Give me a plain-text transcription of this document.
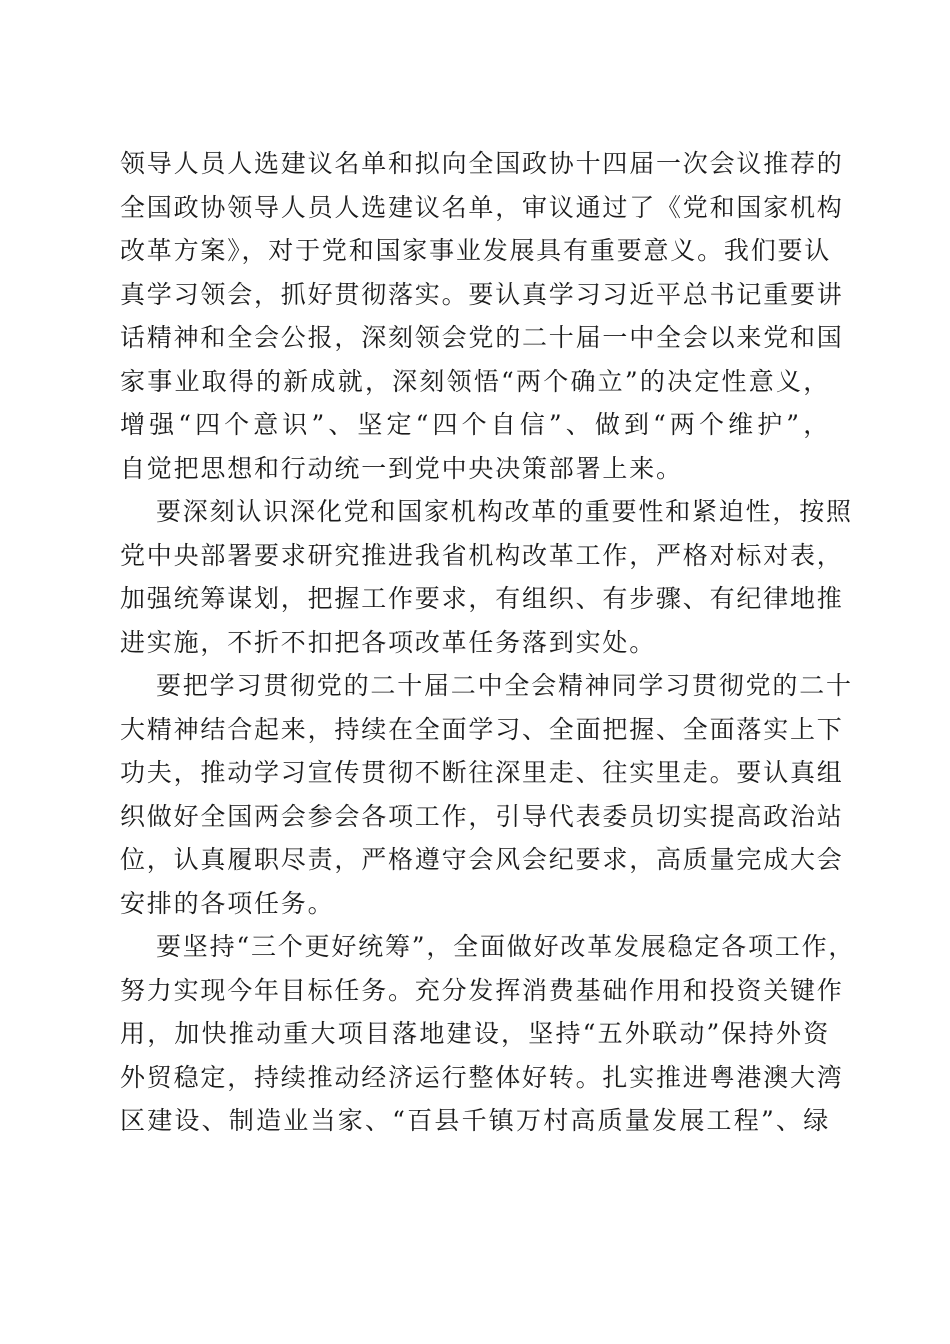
领导人员人选建议名单和拟向全国政协十四届一次会议推荐的
全国政协领导人员人选建议名单，审议通过了《党和国家机构
改革方案》，对于党和国家事业发展具有重要意义。我们要认
真学习领会，抓好贯彻落实。要认真学习习近平总书记重要讲
话精神和全会公报，深刻领会党的二十届一中全会以来党和国
家事业取得的新成就，深刻领悟“两个确立”的决定性意义，
增强“四个意识”、坚定“四个自信”、做到“两个维护”，
自觉把思想和行动统一到党中央决策部署上来。
要深刻认识深化党和国家机构改革的重要性和紧迫性，按照
党中央部署要求研究推进我省机构改革工作，严格对标对表，
加强统筹谋划，把握工作要求，有组织、有步骤、有纪律地推
进实施，不折不扣把各项改革任务落到实处。
要把学习贯彻党的二十届二中全会精神同学习贯彻党的二十
大精神结合起来，持续在全面学习、全面把握、全面落实上下
功夫，推动学习宣传贯彻不断往深里走、往实里走。要认真组
织做好全国两会参会各项工作，引导代表委员切实提高政治站
位，认真履职尽责，严格遵守会风会纪要求，高质量完成大会
安排的各项任务。
要坚持“三个更好统筹”，全面做好改革发展稳定各项工作，
努力实现今年目标任务。充分发挥消费基础作用和投资关键作
用，加快推动重大项目落地建设，坚持“五外联动”保持外资
外贸稳定，持续推动经济运行整体好转。扎实推进粤港澳大湾
区建设、制造业当家、“百县千镇万村高质量发展工程”、绿
